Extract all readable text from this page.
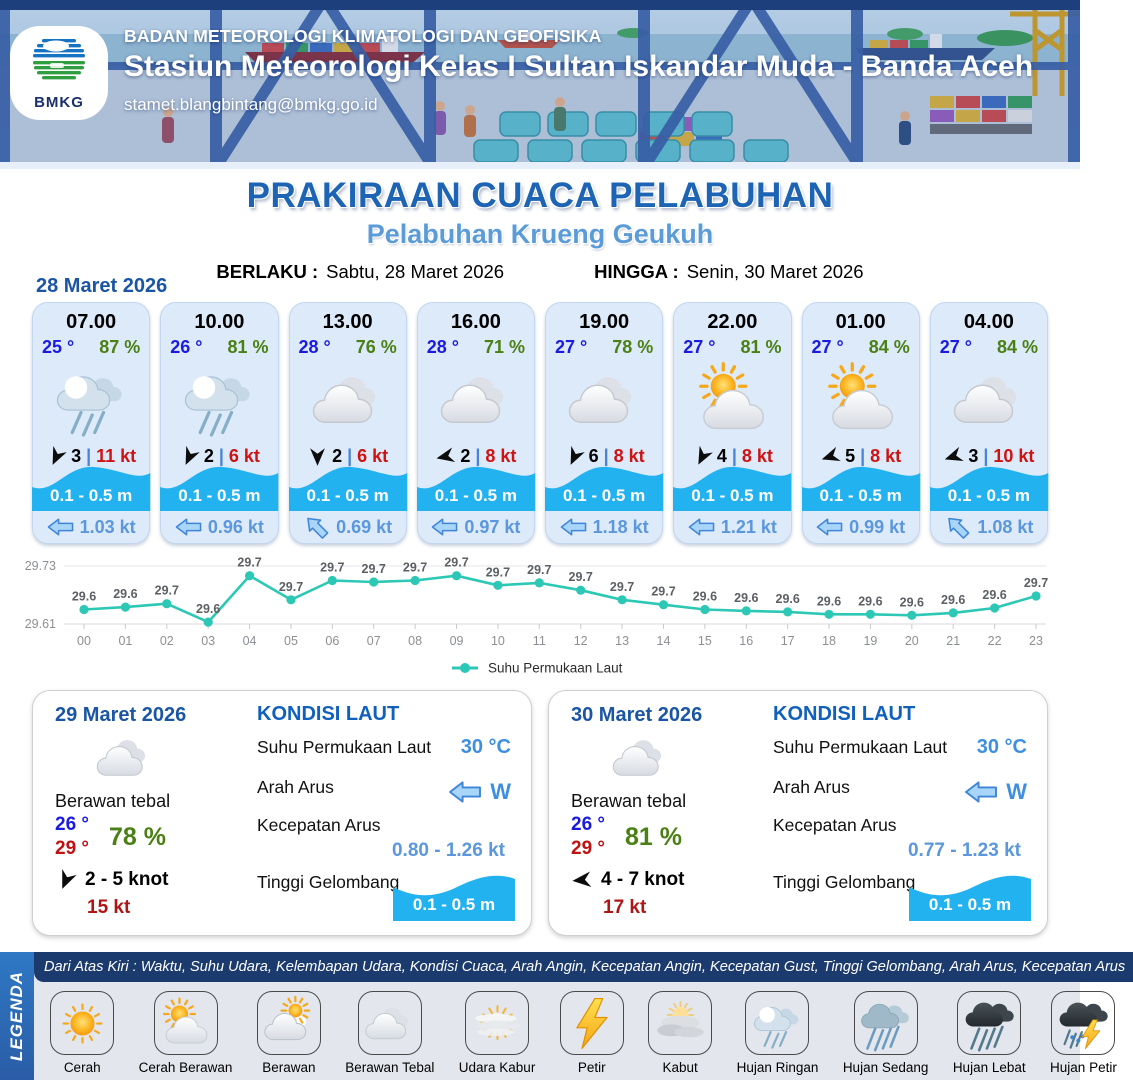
BMKG
BADAN METEOROLOGI KLIMATOLOGI DAN GEOFISIKA
Stasiun Meteorologi Kelas I Sultan Iskandar Muda - Banda Aceh
stamet.blangbintang@bmkg.go.id
PRAKIRAAN CUACA PELABUHAN
Pelabuhan Krueng Geukuh
BERLAKU : Sabtu, 28 Maret 2026	HINGGA : Senin, 30 Maret 2026
28 Maret 2026
07.00
25 ° 87 %
3 | 11 kt
0.1 - 0.5 m
1.03 kt
10.00
26 ° 81 %
2 | 6 kt
0.1 - 0.5 m
0.96 kt
13.00
28 ° 76 %
2 | 6 kt
0.1 - 0.5 m
0.69 kt
16.00
28 ° 71 %
2 | 8 kt
0.1 - 0.5 m
0.97 kt
19.00
27 ° 78 %
6 | 8 kt
0.1 - 0.5 m
1.18 kt
22.00
27 ° 81 %
4 | 8 kt
0.1 - 0.5 m
1.21 kt
01.00
27 ° 84 %
5 | 8 kt
0.1 - 0.5 m
0.99 kt
04.00
27 ° 84 %
3 | 10 kt
0.1 - 0.5 m
1.08 kt
29.73
29.61
00 01 02 03 04 05 06 07 08 09 10 11 12 13 14 15 16 17 18 19 20 21 22 23
29.6 29.6 29.7
29.6
29.7
29.7
29.7 29.7 29.7 29.7
29.7 29.7
29.7
29.7 29.7 29.6 29.6 29.6 29.6 29.6 29.6 29.6 29.6
29.7
Suhu Permukaan Laut
29 Maret 2026
Berawan tebal
26 °
29 ° 78 %
2 - 5 knot
15 kt
KONDISI LAUT
Suhu Permukaan Laut 30 °C
Arah Arus	W
Kecepatan Arus
0.80 - 1.26 kt
Tinggi Gelombang
0.1 - 0.5 m
30 Maret 2026
Berawan tebal
26 °
29 ° 81 %
4 - 7 knot
17 kt
KONDISI LAUT
Suhu Permukaan Laut 30 °C
Arah Arus	W
Kecepatan Arus
0.77 - 1.23 kt
Tinggi Gelombang
0.1 - 0.5 m
LEGENDA
Dari Atas Kiri : Waktu, Suhu Udara, Kelembapan Udara, Kondisi Cuaca, Arah Angin, Kecepatan Angin, Kecepatan Gust, Tinggi Gelombang, Arah Arus, Kecepatan Arus
Cerah	Cerah Berawan Berawan Berawan Tebal Udara Kabur	Petir	Kabut	Hujan Ringan Hujan Sedang Hujan Lebat Hujan Petir
